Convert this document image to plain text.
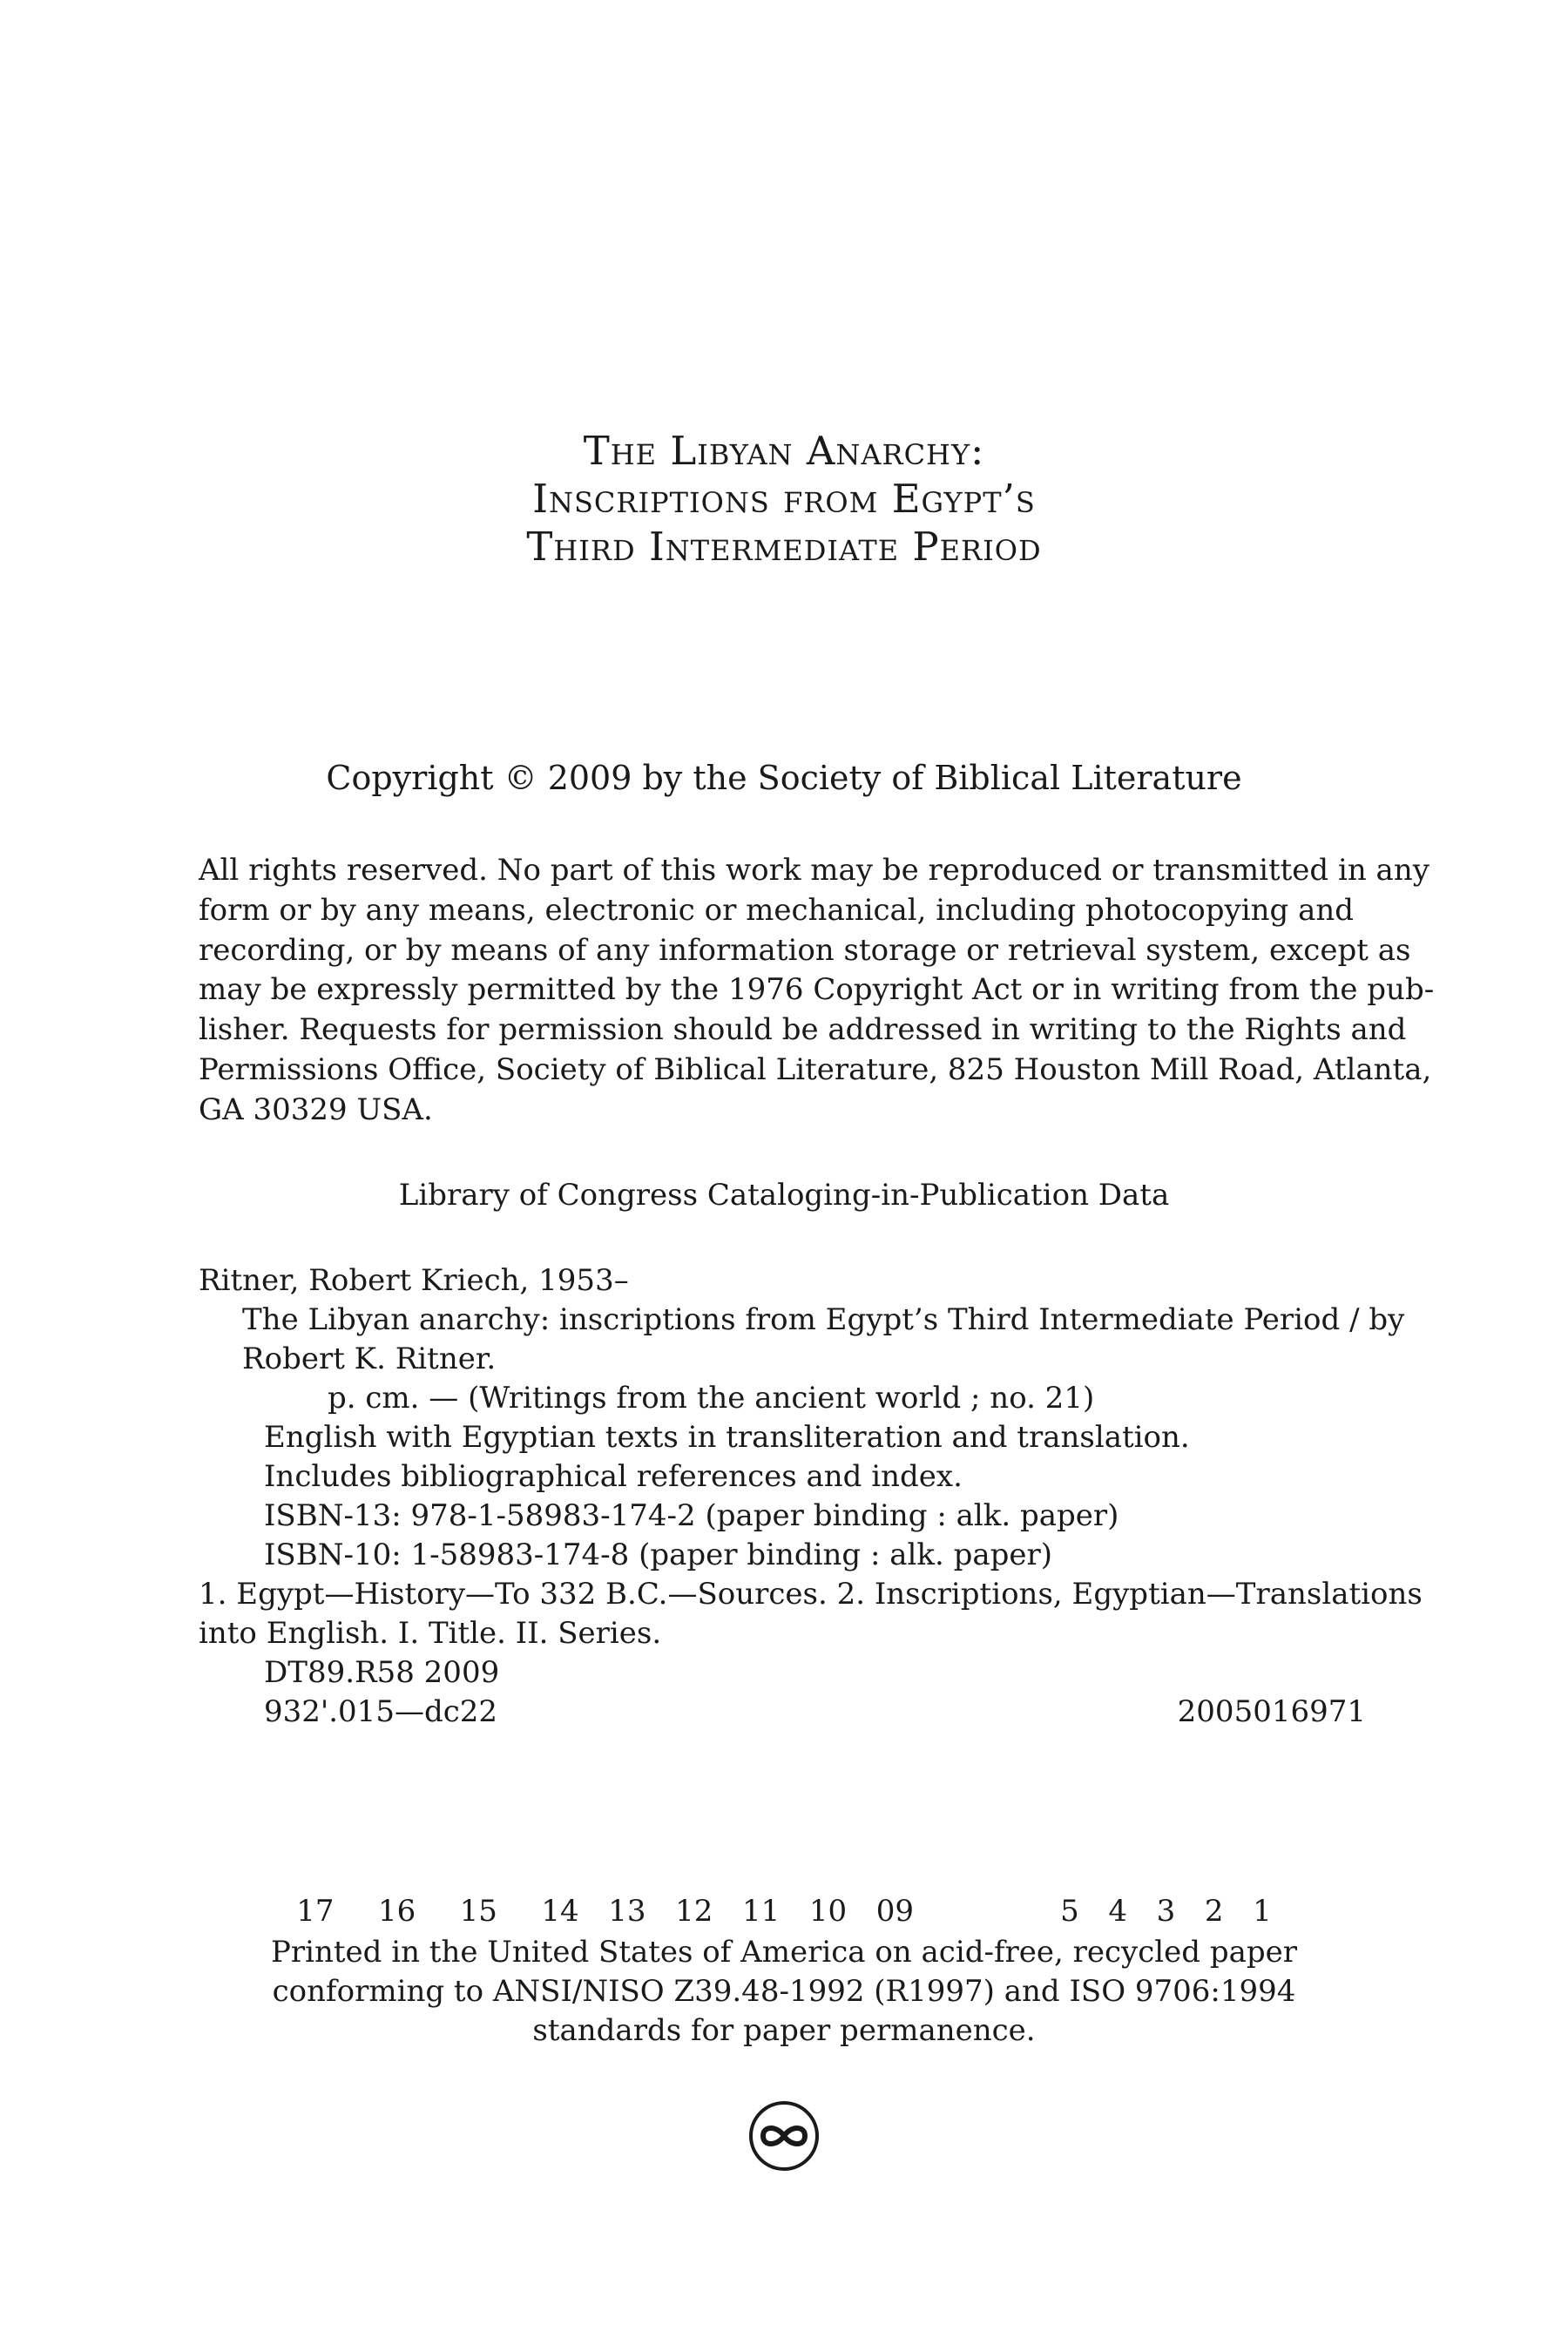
The Libyan Anarchy:
Inscriptions from Egypt’s
Third Intermediate Period
Copyright © 2009 by the Society of Biblical Literature
All rights reserved. No part of this work may be reproduced or transmitted in any
form or by any means, electronic or mechanical, including photocopying and
recording, or by means of any information storage or retrieval system, except as
may be expressly permitted by the 1976 Copyright Act or in writing from the pub-
lisher. Requests for permission should be addressed in writing to the Rights and
Permissions Office, Society of Biblical Literature, 825 Houston Mill Road, Atlanta,
GA 30329 USA.
Library of Congress Cataloging-in-Publication Data
Ritner, Robert Kriech, 1953–
The Libyan anarchy: inscriptions from Egypt’s Third Intermediate Period / by
Robert K. Ritner.
p. cm. — (Writings from the ancient world ; no. 21)
English with Egyptian texts in transliteration and translation.
Includes bibliographical references and index.
ISBN-13: 978-1-58983-174-2 (paper binding : alk. paper)
ISBN-10: 1-58983-174-8 (paper binding : alk. paper)
1. Egypt—History—To 332 B.C.—Sources. 2. Inscriptions, Egyptian—Translations
into English. I. Title. II. Series.
DT89.R58 2009
932'.015—dc22	2005016971
17   16   15   14  13  12  11  10  09          5  4  3  2  1
Printed in the United States of America on acid-free, recycled paper
conforming to ANSI/NISO Z39.48-1992 (R1997) and ISO 9706:1994
standards for paper permanence.
